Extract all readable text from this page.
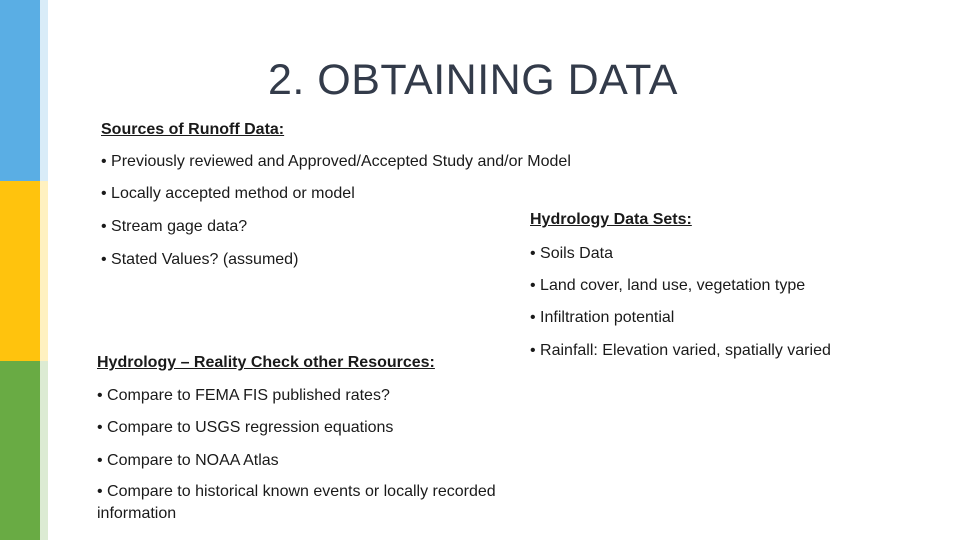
2. OBTAINING DATA
Sources of Runoff Data:
• Previously reviewed and Approved/Accepted Study and/or Model
• Locally accepted method or model
• Stream gage data?
• Stated Values? (assumed)
Hydrology Data Sets:
• Soils Data
• Land cover, land use, vegetation type
• Infiltration potential
• Rainfall: Elevation varied, spatially varied
Hydrology – Reality Check other Resources:
• Compare to FEMA FIS published rates?
• Compare to USGS regression equations
• Compare to NOAA Atlas
• Compare to historical known events or locally recorded information
